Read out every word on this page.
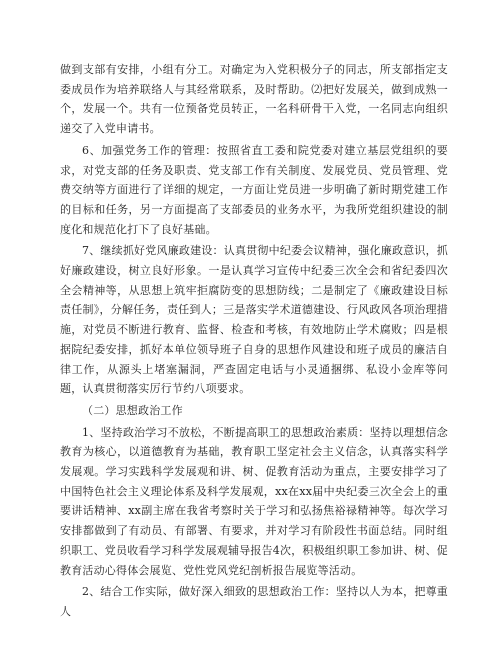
做到支部有安排，小组有分工。对确定为入党积极分子的同志，所支部指定支委成员作为培养联络人与其经常联系，及时帮助。⑵把好发展关，做到成熟一个，发展一个。共有一位预备党员转正，一名科研骨干入党，一名同志向组织递交了入党申请书。

6、加强党务工作的管理：按照省直工委和院党委对建立基层党组织的要求，对党支部的任务及职责、党支部工作有关制度、发展党员、党员管理、党费交纳等方面进行了详细的规定，一方面让党员进一步明确了新时期党建工作的目标和任务，另一方面提高了支部委员的业务水平，为我所党组织建设的制度化和规范化打下了良好基础。

7、继续抓好党风廉政建设：认真贯彻中纪委会议精神，强化廉政意识，抓好廉政建设，树立良好形象。一是认真学习宣传中纪委三次全会和省纪委四次全会精神等，从思想上筑牢拒腐防变的思想防线；二是制定了《廉政建设目标责任制》，分解任务，责任到人；三是落实学术道德建设、行风政风各项治理措施，对党员不断进行教育、监督、检查和考核，有效地防止学术腐败；四是根据院纪委安排，抓好本单位领导班子自身的思想作风建设和班子成员的廉洁自律工作，从源头上堵塞漏洞，严查固定电话与小灵通捆绑、私设小金库等问题，认真贯彻落实厉行节约八项要求。

（二）思想政治工作

1、坚持政治学习不放松，不断提高职工的思想政治素质：坚持以理想信念教育为核心，以道德教育为基础，教育职工坚定社会主义信念，认真落实科学发展观。学习实践科学发展观和讲、树、促教育活动为重点，主要安排学习了中国特色社会主义理论体系及科学发展观，xx在xx届中央纪委三次全会上的重要讲话精神、xx副主席在我省考察时关于学习和弘扬焦裕禄精神等。每次学习安排都做到了有动员、有部署、有要求，并对学习有阶段性书面总结。同时组织职工、党员收看学习科学发展观辅导报告4次，积极组织职工参加讲、树、促教育活动心得体会展览、党性党风党纪剖析报告展览等活动。

2、结合工作实际，做好深入细致的思想政治工作：坚持以人为本，把尊重人
